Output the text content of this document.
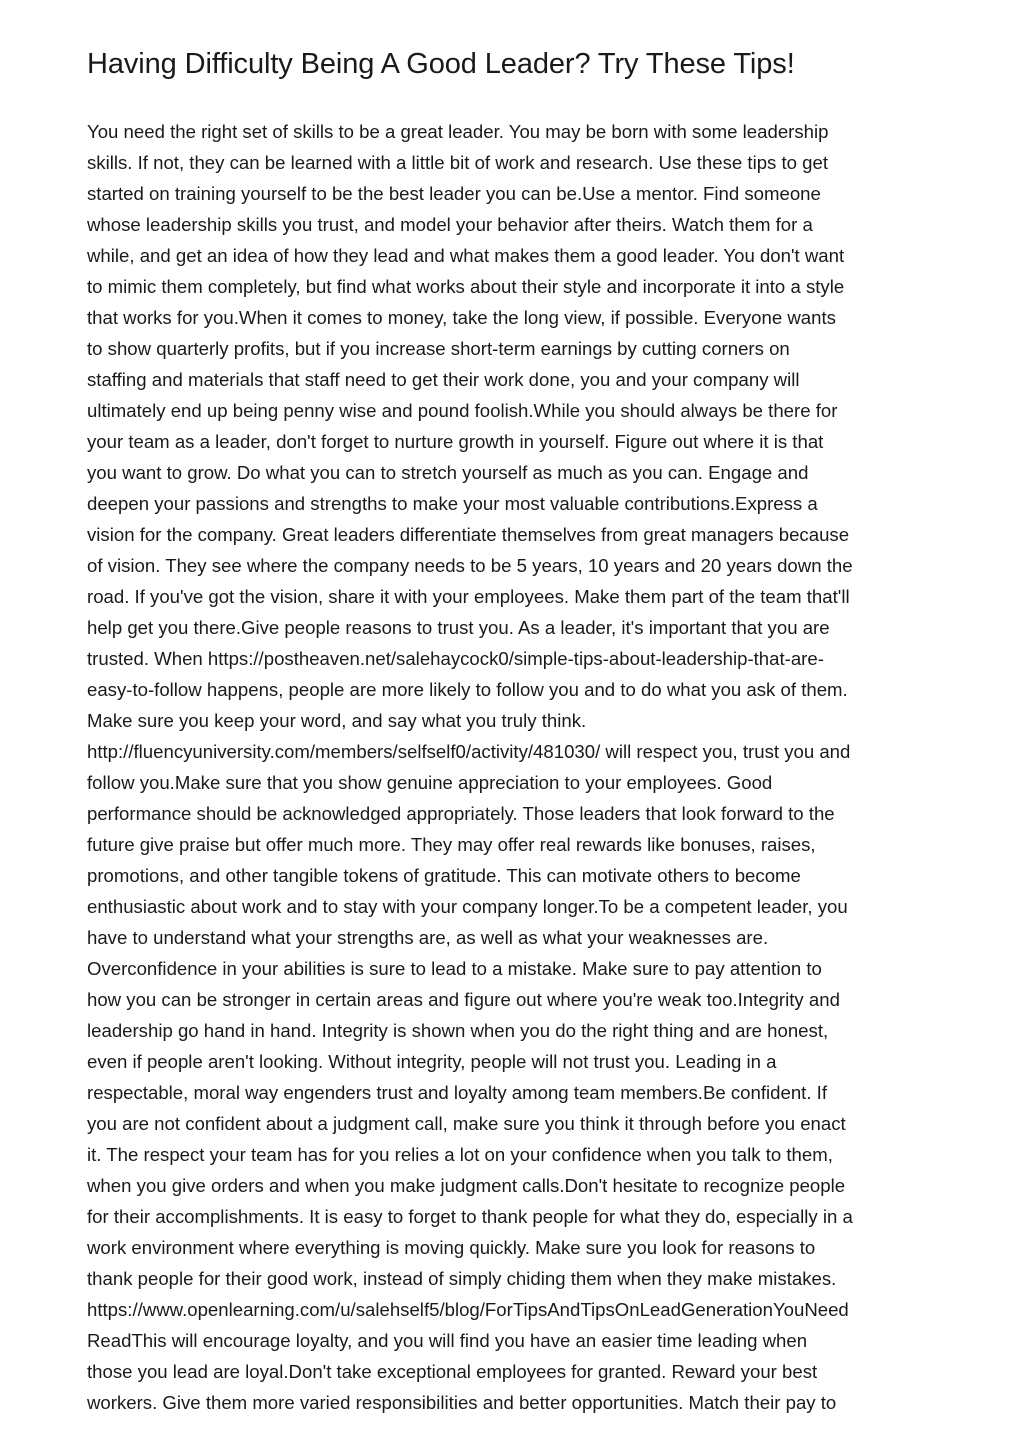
Having Difficulty Being A Good Leader? Try These Tips!
You need the right set of skills to be a great leader. You may be born with some leadership
skills. If not, they can be learned with a little bit of work and research. Use these tips to get
started on training yourself to be the best leader you can be.Use a mentor. Find someone
whose leadership skills you trust, and model your behavior after theirs. Watch them for a
while, and get an idea of how they lead and what makes them a good leader. You don't want
to mimic them completely, but find what works about their style and incorporate it into a style
that works for you.When it comes to money, take the long view, if possible. Everyone wants
to show quarterly profits, but if you increase short-term earnings by cutting corners on
staffing and materials that staff need to get their work done, you and your company will
ultimately end up being penny wise and pound foolish.While you should always be there for
your team as a leader, don't forget to nurture growth in yourself. Figure out where it is that
you want to grow. Do what you can to stretch yourself as much as you can. Engage and
deepen your passions and strengths to make your most valuable contributions.Express a
vision for the company. Great leaders differentiate themselves from great managers because
of vision. They see where the company needs to be 5 years, 10 years and 20 years down the
road. If you've got the vision, share it with your employees. Make them part of the team that'll
help get you there.Give people reasons to trust you. As a leader, it's important that you are
trusted. When https://postheaven.net/salehaycock0/simple-tips-about-leadership-that-are-
easy-to-follow happens, people are more likely to follow you and to do what you ask of them.
Make sure you keep your word, and say what you truly think.
http://fluencyuniversity.com/members/selfself0/activity/481030/ will respect you, trust you and
follow you.Make sure that you show genuine appreciation to your employees. Good
performance should be acknowledged appropriately. Those leaders that look forward to the
future give praise but offer much more. They may offer real rewards like bonuses, raises,
promotions, and other tangible tokens of gratitude. This can motivate others to become
enthusiastic about work and to stay with your company longer.To be a competent leader, you
have to understand what your strengths are, as well as what your weaknesses are.
Overconfidence in your abilities is sure to lead to a mistake. Make sure to pay attention to
how you can be stronger in certain areas and figure out where you're weak too.Integrity and
leadership go hand in hand. Integrity is shown when you do the right thing and are honest,
even if people aren't looking. Without integrity, people will not trust you. Leading in a
respectable, moral way engenders trust and loyalty among team members.Be confident. If
you are not confident about a judgment call, make sure you think it through before you enact
it. The respect your team has for you relies a lot on your confidence when you talk to them,
when you give orders and when you make judgment calls.Don't hesitate to recognize people
for their accomplishments. It is easy to forget to thank people for what they do, especially in a
work environment where everything is moving quickly. Make sure you look for reasons to
thank people for their good work, instead of simply chiding them when they make mistakes.
https://www.openlearning.com/u/salehself5/blog/ForTipsAndTipsOnLeadGenerationYouNeed
ReadThis will encourage loyalty, and you will find you have an easier time leading when
those you lead are loyal.Don't take exceptional employees for granted. Reward your best
workers. Give them more varied responsibilities and better opportunities. Match their pay to
